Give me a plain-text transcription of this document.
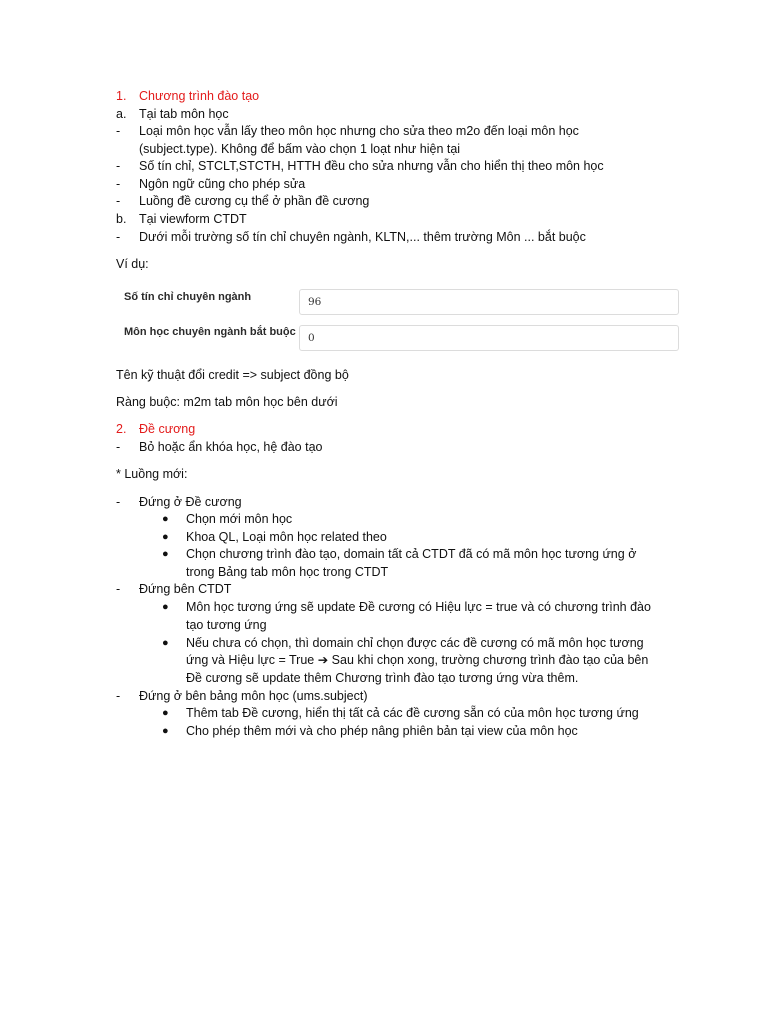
1. Chương trình đào tạo
a. Tại tab môn học
- Loại môn học vẫn lấy theo môn học nhưng cho sửa theo m2o đến loại môn học
(subject.type). Không để bấm vào chọn 1 loạt như hiện tại
- Số tín chỉ, STCLT,STCTH, HTTH đều cho sửa nhưng vẫn cho hiển thị theo môn học
- Ngôn ngữ cũng cho phép sửa
- Luồng đề cương cụ thể ở phần đề cương
b. Tại viewform CTDT
- Dưới mỗi trường số tín chỉ chuyên ngành, KLTN,... thêm trường Môn ... bắt buộc
Ví dụ:
Số tín chỉ chuyên ngành	96
Môn học chuyên ngành bắt buộc	0
Tên kỹ thuật đổi credit => subject đồng bộ
Ràng buộc: m2m tab môn học bên dưới
2. Đề cương
- Bỏ hoặc ẩn khóa học, hệ đào tạo
* Luồng mới:
- Đứng ở Đề cương
● Chọn mới môn học
● Khoa QL, Loại môn học related theo
● Chọn chương trình đào tạo, domain tất cả CTDT đã có mã môn học tương ứng ở
trong Bảng tab môn học trong CTDT
- Đứng bên CTDT
● Môn học tương ứng sẽ update Đề cương có Hiệu lực = true và có chương trình đào
tạo tương ứng
● Nếu chưa có chọn, thì domain chỉ chọn được các đề cương có mã môn học tương
ứng và Hiệu lực = True ➔ Sau khi chọn xong, trường chương trình đào tạo của bên
Đề cương sẽ update thêm Chương trình đào tạo tương ứng vừa thêm.
- Đứng ở bên bảng môn học (ums.subject)
● Thêm tab Đề cương, hiển thị tất cả các đề cương sẵn có của môn học tương ứng
● Cho phép thêm mới và cho phép nâng phiên bản tại view của môn học
